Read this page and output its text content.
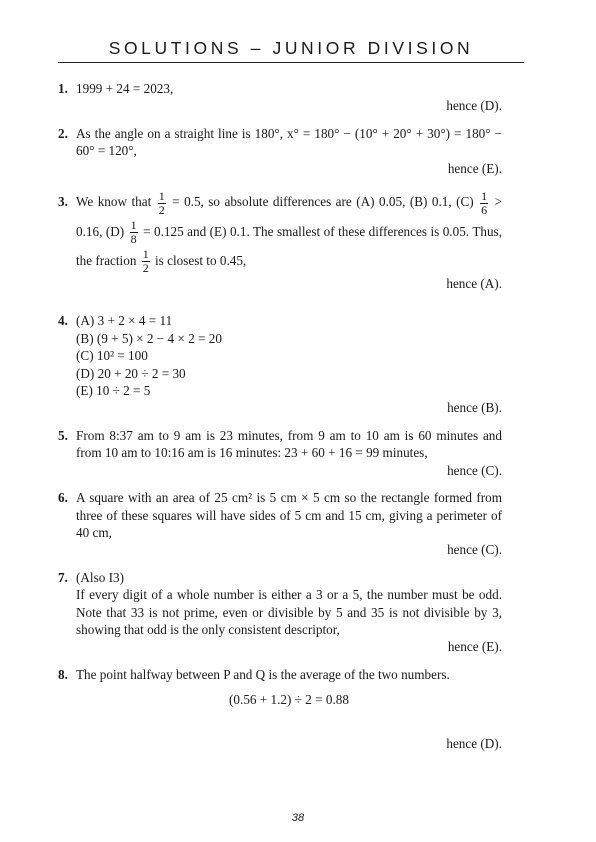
SOLUTIONS – JUNIOR DIVISION
1. 1999 + 24 = 2023,

hence (D).

2. As the angle on a straight line is 180°, x° = 180° − (10° + 20° + 30°) = 180° − 60° = 120°,

hence (E).

3. We know that $\frac{1}{2} = 0.5$, so absolute differences are (A) 0.05, (B) 0.1, $(C) \frac{1}{6} > 0.16$, $(D) \frac{1}{8} = 0.125$ and (E) 0.1. The smallest of these differences is 0.05. Thus, the fraction $\frac{1}{2}$ is closest to 0.45,

hence (A).

4. (A) 3 + 2 × 4 = 11

(B) (9 + 5) × 2 − 4 × 2 = 20

(C) 10² = 100

(D) 20 + 20 ÷ 2 = 30

(E) 10 ÷ 2 = 5

hence (B).

5. From 8:37 am to 9 am is 23 minutes, from 9 am to 10 am is 60 minutes and from 10 am to 10:16 am is 16 minutes: 23 + 60 + 16 = 99 minutes,

hence (C).

6. A square with an area of 25 cm² is 5 cm × 5 cm so the rectangle formed from three of these squares will have sides of 5 cm and 15 cm, giving a perimeter of 40 cm,

hence (C).

7. (Also I3)

If every digit of a whole number is either a 3 or a 5, the number must be odd. Note that 33 is not prime, even or divisible by 5 and 35 is not divisible by 3, showing that odd is the only consistent descriptor,

hence (E).

8. The point halfway between P and Q is the average of the two numbers.

(0.56 + 1.2) ÷ 2 = 0.88

hence (D).

38
